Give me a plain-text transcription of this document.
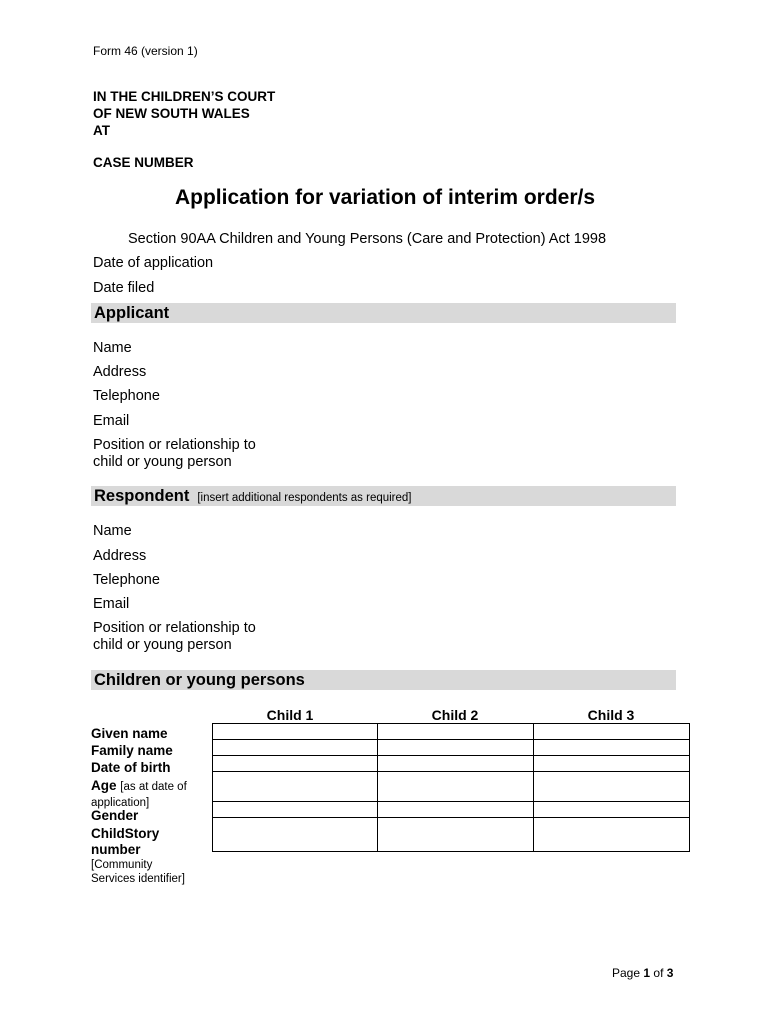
Form 46 (version 1)
IN THE CHILDREN’S COURT
OF NEW SOUTH WALES
AT
CASE NUMBER
Application for variation of interim order/s
Section 90AA Children and Young Persons (Care and Protection) Act 1998
Date of application
Date filed
Applicant
Name
Address
Telephone
Email
Position or relationship to
child or young person
Respondent [insert additional respondents as required]
Name
Address
Telephone
Email
Position or relationship to
child or young person
Children or young persons
Child 1	Child 2	Child 3

Given name
Family name
Date of birth
Age [as at date of
application]
Gender
ChildStory
number
[Community
Services identifier]
Page 1 of 3
